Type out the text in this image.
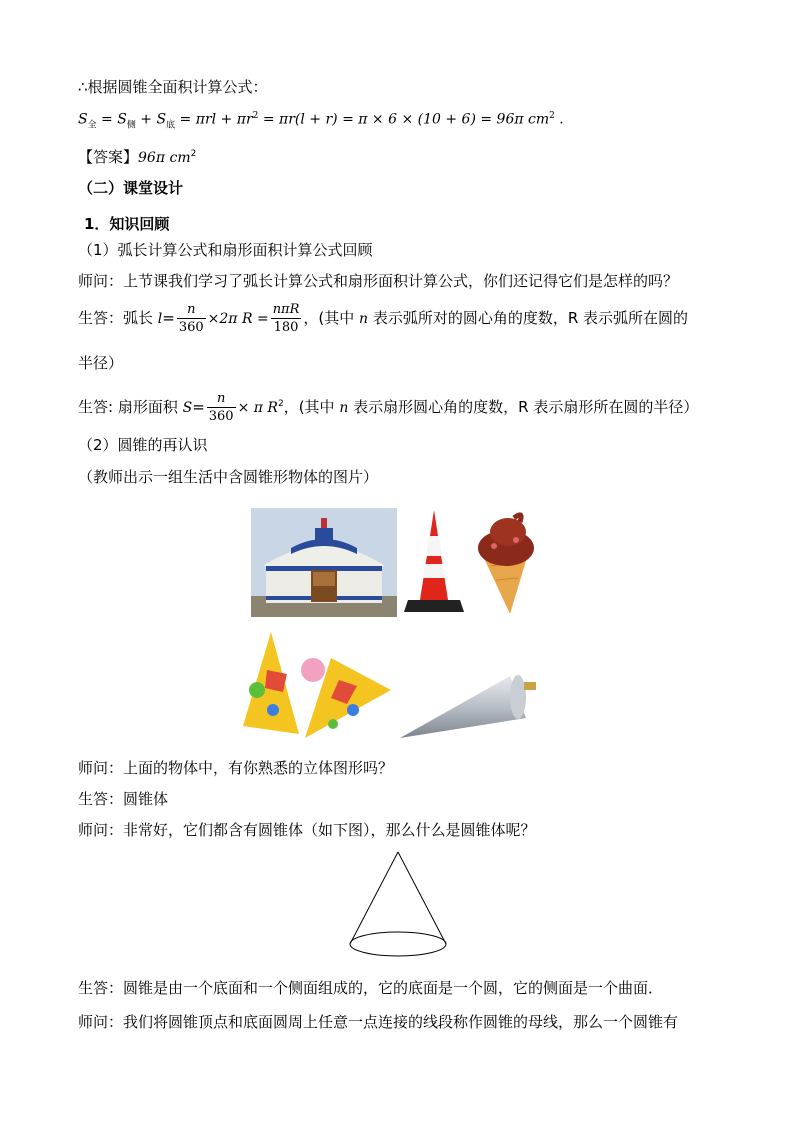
∴根据圆锥全面积计算公式：
$S_全 = S_侧 + S_底 = \pi rl + \pi r^2 = \pi r(l + r) = \pi \times 6 \times (10 + 6) = 96\pi$ $cm^2$ .
【答案】96π $cm^2$
（二）课堂设计
1．知识回顾
（1）弧长计算公式和扇形面积计算公式回顾
师问：上节课我们学习了弧长计算公式和扇形面积计算公式，你们还记得它们是怎样的吗？
生答：弧长 $l= \frac{n}{360} \times 2\pi$ $R = \frac{\text{nπR}}{180}$ ，(其中 n 表示弧所对的圆心角的度数，R 表示弧所在圆的
半径）
生答: 扇形面积 $S= \frac{n}{360} \times \pi$ $R^2$，(其中 n 表示扇形圆心角的度数，R 表示扇形所在圆的半径）
（2）圆锥的再认识
（教师出示一组生活中含圆锥形物体的图片）
师问：上面的物体中，有你熟悉的立体图形吗？
生答：圆锥体
师问：非常好，它们都含有圆锥体（如下图），那么什么是圆锥体呢？
生答：圆锥是由一个底面和一个侧面组成的，它的底面是一个圆，它的侧面是一个曲面．
师问：我们将圆锥顶点和底面圆周上任意一点连接的线段称作圆锥的母线，那么一个圆锥有
